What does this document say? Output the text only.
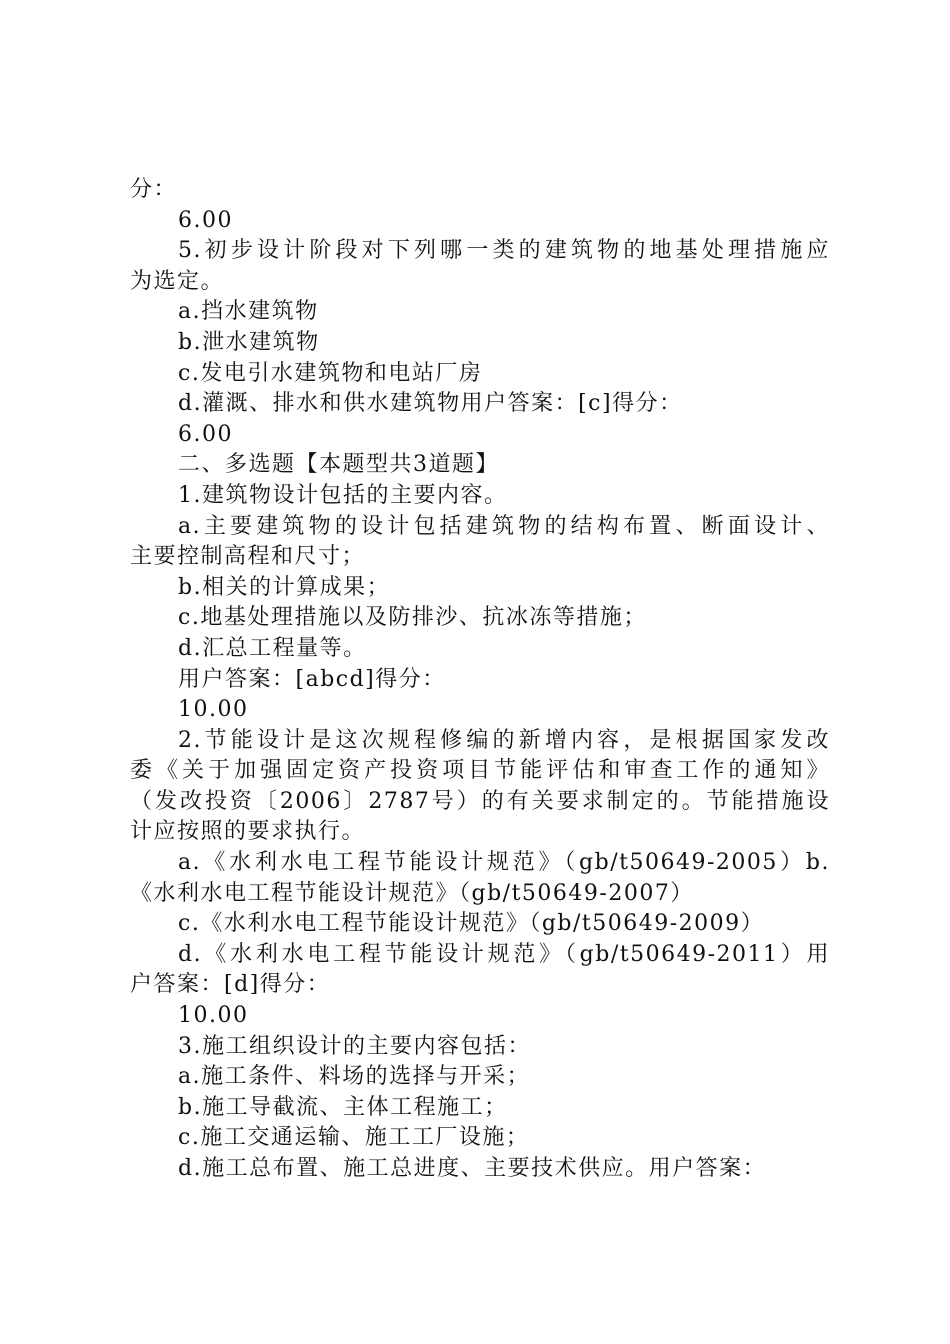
分：
6.00
5.初步设计阶段对下列哪一类的建筑物的地基处理措施应
为选定。
a.挡水建筑物
b.泄水建筑物
c.发电引水建筑物和电站厂房
d.灌溉、排水和供水建筑物用户答案：[c]得分：
6.00
二、多选题【本题型共3道题】
1.建筑物设计包括的主要内容。
a.主要建筑物的设计包括建筑物的结构布置、断面设计、
主要控制高程和尺寸；
b.相关的计算成果；
c.地基处理措施以及防排沙、抗冰冻等措施；
d.汇总工程量等。
用户答案：[abcd]得分：
10.00
2.节能设计是这次规程修编的新增内容，是根据国家发改
委《关于加强固定资产投资项目节能评估和审查工作的通知》
（发改投资〔2006〕2787号）的有关要求制定的。节能措施设
计应按照的要求执行。
a.《水利水电工程节能设计规范》（gb/t50649-2005）b.
《水利水电工程节能设计规范》（gb/t50649-2007）
c.《水利水电工程节能设计规范》（gb/t50649-2009）
d.《水利水电工程节能设计规范》（gb/t50649-2011）用
户答案：[d]得分：
10.00
3.施工组织设计的主要内容包括：
a.施工条件、料场的选择与开采；
b.施工导截流、主体工程施工；
c.施工交通运输、施工工厂设施；
d.施工总布置、施工总进度、主要技术供应。用户答案：
